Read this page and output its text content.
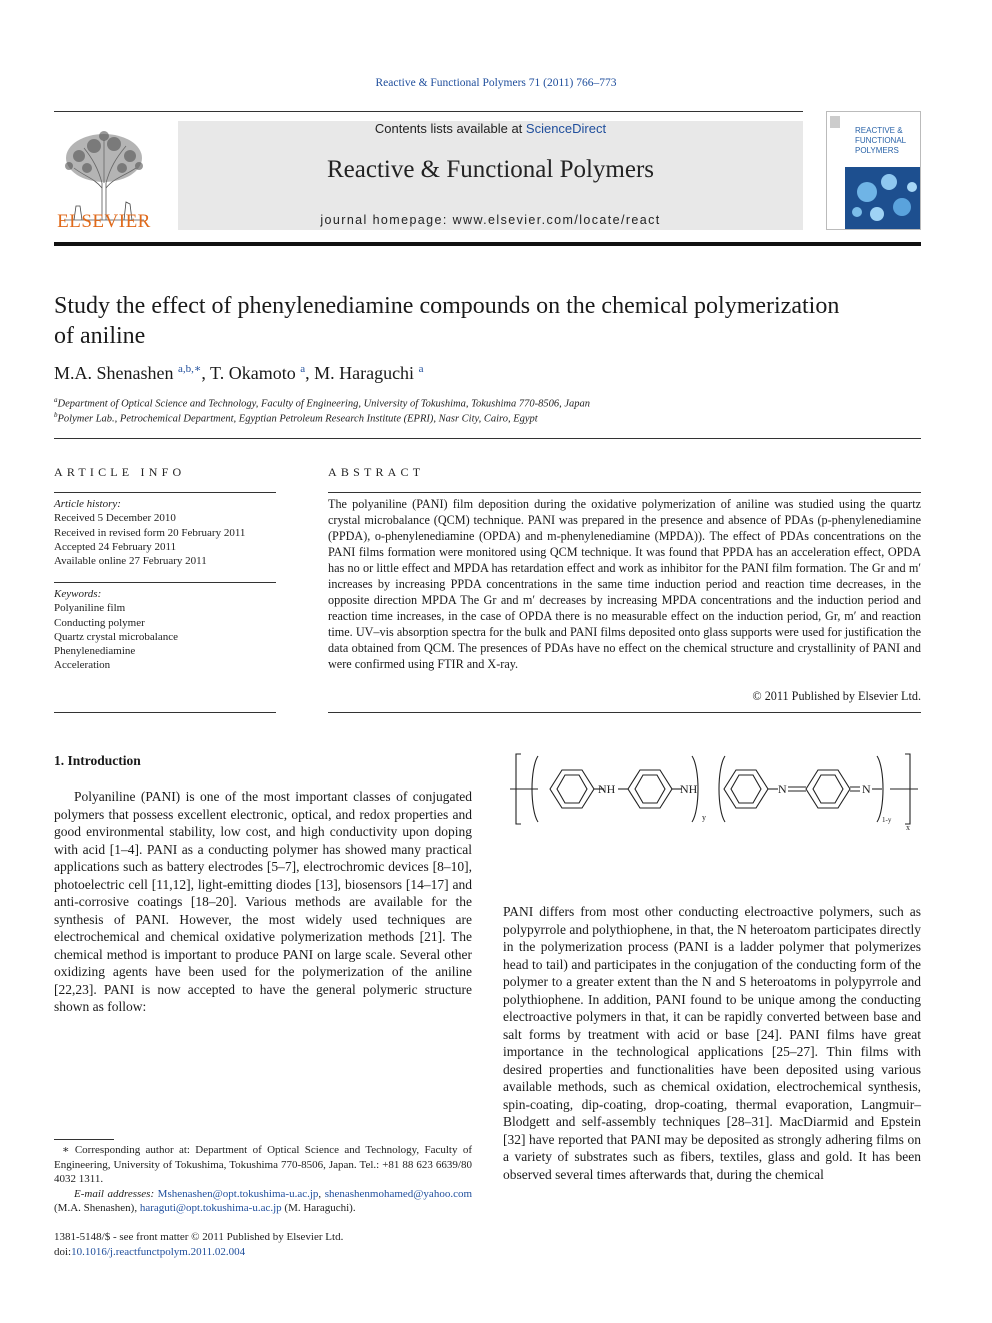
Reactive & Functional Polymers 71 (2011) 766–773
ELSEVIER
Contents lists available at ScienceDirect
Reactive & Functional Polymers
journal homepage: www.elsevier.com/locate/react
REACTIVE &
FUNCTIONAL
POLYMERS
Study the effect of phenylenediamine compounds on the chemical polymerization
of aniline
M.A. Shenashen $^{a,b,∗}$, T. Okamoto $^a$, M. Haraguchi $^a$
$^a$Department of Optical Science and Technology, Faculty of Engineering, University of Tokushima, Tokushima 770-8506, Japan
$^b$Polymer Lab., Petrochemical Department, Egyptian Petroleum Research Institute (EPRI), Nasr City, Cairo, Egypt
ARTICLE INFO
Article history:
Received 5 December 2010
Received in revised form 20 February 2011
Accepted 24 February 2011
Available online 27 February 2011
Keywords:
Polyaniline film
Conducting polymer
Quartz crystal microbalance
Phenylenediamine
Acceleration
ABSTRACT
The polyaniline (PANI) film deposition during the oxidative polymerization of aniline was studied using the quartz crystal microbalance (QCM) technique. PANI was prepared in the presence and absence of PDAs (p-phenylenediamine (PPDA), o-phenylenediamine (OPDA) and m-phenylenediamine (MPDA)). The effect of PDAs concentrations on the PANI films formation were monitored using QCM technique. It was found that PPDA has an acceleration effect, OPDA has no or little effect and MPDA has retardation effect and work as inhibitor for the PANI film formation. The Gr and m′ increases by increasing PPDA concentrations in the same time induction period and reaction time decreases, in the opposite direction MPDA The Gr and m′ decreases by increasing MPDA concentrations and the induction period and reaction time increases, in the case of OPDA there is no measurable effect on the induction period, Gr, m′ and reaction time. UV–vis absorption spectra for the bulk and PANI films deposited onto glass supports were used for justification the data obtained from QCM. The presences of PDAs have no effect on the chemical structure and crystallinity of PANI and were confirmed using FTIR and X-ray.
© 2011 Published by Elsevier Ltd.
1. Introduction
Polyaniline (PANI) is one of the most important classes of conjugated polymers that possess excellent electronic, optical, and redox properties and good environmental stability, low cost, and high conductivity upon doping with acid [1–4]. PANI as a conducting polymer has showed many practical applications such as battery electrodes [5–7], electrochromic devices [8–10], photoelectric cell [11,12], light-emitting diodes [13], biosensors [14–17] and anti-corrosive coatings [18–20]. Various methods are available for the synthesis of PANI. However, the most widely used techniques are electrochemical and chemical oxidative polymerization methods [21]. The chemical method is important to produce PANI on large scale. Several other oxidizing agents have been used for the polymerization of the aniline [22,23]. PANI is now accepted to have the general polymeric structure shown as follow:
NH	NH	N	N
y	1-y
x
PANI differs from most other conducting electroactive polymers, such as polypyrrole and polythiophene, in that, the N heteroatom participates directly in the polymerization process (PANI is a ladder polymer that polymerizes head to tail) and participates in the conjugation of the conducting form of the polymer to a greater extent than the N and S heteroatoms in polypyrrole and polythiophene. In addition, PANI found to be unique among the conducting electroactive polymers in that, it can be rapidly converted between base and salt forms by treatment with acid or base [24]. PANI films have great importance in the technological applications [25–27]. Thin films with desired properties and functionalities have been deposited using various available methods, such as chemical oxidation, electrochemical synthesis, spin-coating, dip-coating, drop-coating, thermal evaporation, Langmuir–Blodgett and self-assembly techniques [28–31]. MacDiarmid and Epstein [32] have reported that PANI may be deposited as strongly adhering films on a variety of substrates such as fibers, textiles, glass and gold. It has been observed several times afterwards that, during the chemical
∗ Corresponding author at: Department of Optical Science and Technology, Faculty of Engineering, University of Tokushima, Tokushima 770-8506, Japan. Tel.: +81 88 623 6639/80 4032 1311.
E-mail addresses: Mshenashen@opt.tokushima-u.ac.jp, shenashenmohamed@yahoo.com (M.A. Shenashen), haraguti@opt.tokushima-u.ac.jp (M. Haraguchi).
1381-5148/$ - see front matter © 2011 Published by Elsevier Ltd.
doi:10.1016/j.reactfunctpolym.2011.02.004
